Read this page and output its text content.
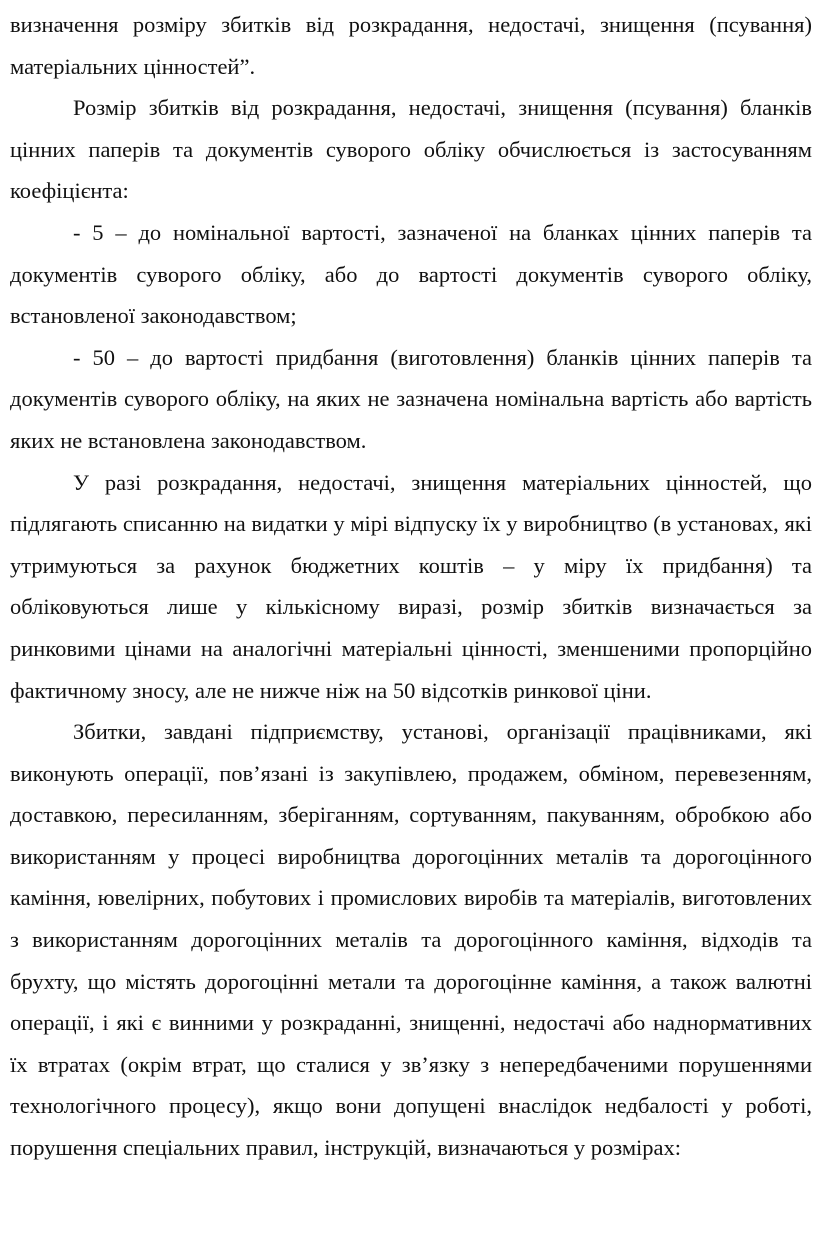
визначення розміру збитків від розкрадання, недостачі, знищення (псування) матеріальних цінностей”.

Розмір збитків від розкрадання, недостачі, знищення (псування) бланків цінних паперів та документів суворого обліку обчислюється із застосуванням коефіцієнта:

- 5 – до номінальної вартості, зазначеної на бланках цінних паперів та документів суворого обліку, або до вартості документів суворого обліку, встановленої законодавством;

- 50 – до вартості придбання (виготовлення) бланків цінних паперів та документів суворого обліку, на яких не зазначена номінальна вартість або вартість яких не встановлена законодавством.

У разі розкрадання, недостачі, знищення матеріальних цінностей, що підлягають списанню на видатки у мірі відпуску їх у виробництво (в установах, які утримуються за рахунок бюджетних коштів – у міру їх придбання) та обліковуються лише у кількісному виразі, розмір збитків визначається за ринковими цінами на аналогічні матеріальні цінності, зменшеними пропорційно фактичному зносу, але не нижче ніж на 50 відсотків ринкової ціни.

Збитки, завдані підприємству, установі, організації працівниками, які виконують операції, пов’язані із закупівлею, продажем, обміном, перевезенням, доставкою, пересиланням, зберіганням, сортуванням, пакуванням, обробкою або використанням у процесі виробництва дорогоцінних металів та дорогоцінного каміння, ювелірних, побутових і промислових виробів та матеріалів, виготовлених з використанням дорогоцінних металів та дорогоцінного каміння, відходів та брухту, що містять дорогоцінні метали та дорогоцінне каміння, а також валютні операції, і які є винними у розкраданні, знищенні, недостачі або наднормативних їх втратах (окрім втрат, що сталися у зв’язку з непередбаченими порушеннями технологічного процесу), якщо вони допущені внаслідок недбалості у роботі, порушення спеціальних правил, інструкцій, визначаються у розмірах:
